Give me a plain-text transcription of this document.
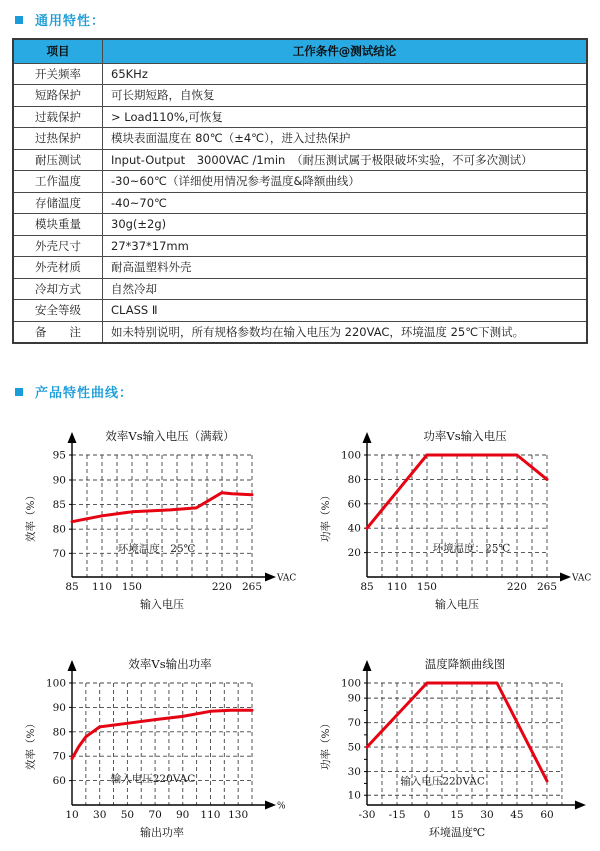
通用特性：
项目	工作条件@测试结论
开关频率	65KHz
短路保护	可长期短路，自恢复
过载保护	> Load110%,可恢复
过热保护	模块表面温度在 80℃（±4℃），进入过热保护
耐压测试	Input-Output　3000VAC /1min　（耐压测试属于极限破坏实验，不可多次测试）
工作温度	-30~60℃（详细使用情况参考温度&降额曲线）
存储温度	-40~70℃
模块重量	30g(±2g)
外壳尺寸	27*37*17mm
外壳材质	耐高温塑料外壳
冷却方式	自然冷却
安全等级	CLASS Ⅱ
备　　注	如未特别说明，所有规格参数均在输入电压为 220VAC，环境温度 25℃下测试。
产品特性曲线：
95
90
85
80
70
85 110 150	220 265
VAC
效率Vs输入电压（满载）
输入电压
效率（%）
环境温度：25℃
100
80
60
40
20
85 110 150	220 265
VAC
功率Vs输入电压
输入电压
功率（%）
环境温度：25℃
100
90
80
70
60
10 30 50 70 90 110 130
%
效率Vs输出功率
输出功率
效率（%）
输入电压220VAC
100
90
70
50
30
10
-30 -15 0 15 30 45 60
温度降额曲线图
环境温度℃
功率（%）
输入电压220VAC
